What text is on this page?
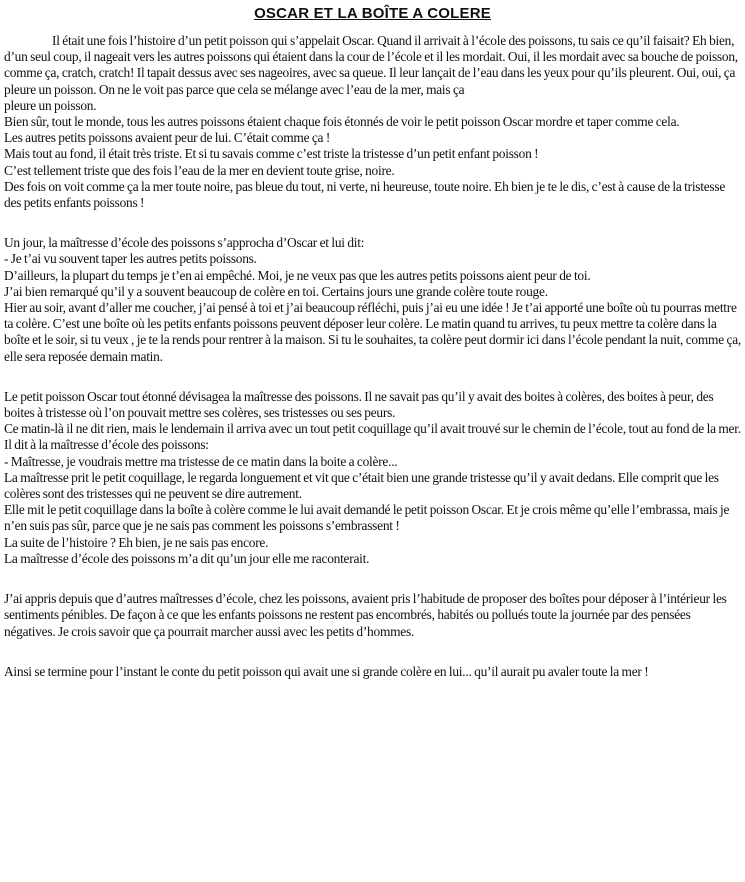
OSCAR ET LA BOÎTE A COLERE

Il était une fois l’histoire d’un petit poisson qui s’appelait Oscar. Quand il arrivait à l’école des poissons, tu sais ce qu’il faisait? Eh bien, d’un seul coup, il nageait vers les autres poissons qui étaient dans la cour de l’école et il les mordait. Oui, il les mordait avec sa bouche de poisson, comme ça, cratch, cratch! Il tapait dessus avec ses nageoires, avec sa queue. Il leur lançait de l’eau dans les yeux pour qu’ils pleurent. Oui, oui, ça pleure un poisson. On ne le voit pas parce que cela se mélange avec l’eau de la mer, mais ça

pleure un poisson.

Bien sûr, tout le monde, tous les autres poissons étaient chaque fois étonnés de voir le petit poisson Oscar mordre et taper comme cela.

Les autres petits poissons avaient peur de lui. C’était comme ça !

Mais tout au fond, il était très triste. Et si tu savais comme c’est triste la tristesse d’un petit enfant poisson !

C’est tellement triste que des fois l’eau de la mer en devient toute grise, noire.

Des fois on voit comme ça la mer toute noire, pas bleue du tout, ni verte, ni heureuse, toute noire. Eh bien je te le dis, c’est à cause de la tristesse des petits enfants poissons !

Un jour, la maîtresse d’école des poissons s’approcha d’Oscar et lui dit:

- Je t’ai vu souvent taper les autres petits poissons.

D’ailleurs, la plupart du temps je t’en ai empêché. Moi, je ne veux pas que les autres petits poissons aient peur de toi.

J’ai bien remarqué qu’il y a souvent beaucoup de colère en toi. Certains jours une grande colère toute rouge.

Hier au soir, avant d’aller me coucher, j’ai pensé à toi et j’ai beaucoup réfléchi, puis j’ai eu une idée ! Je t’ai apporté une boîte où tu pourras mettre ta colère. C’est une boîte où les petits enfants poissons peuvent déposer leur colère. Le matin quand tu arrives, tu peux mettre ta colère dans la boîte et le soir, si tu veux , je te la rends pour rentrer à la maison. Si tu le souhaites, ta colère peut dormir ici dans l’école pendant la nuit, comme ça, elle sera reposée demain matin.

Le petit poisson Oscar tout étonné dévisagea la maîtresse des poissons. Il ne savait pas qu’il y avait des boites à colères, des boites à peur, des boites à tristesse où l’on pouvait mettre ses colères, ses tristesses ou ses peurs.

Ce matin-là il ne dit rien, mais le lendemain il arriva avec un tout petit coquillage qu’il avait trouvé sur le chemin de l’école, tout au fond de la mer.

Il dit à la maîtresse d’école des poissons:

- Maîtresse, je voudrais mettre ma tristesse de ce matin dans la boite a colère...

La maîtresse prit le petit coquillage, le regarda longuement et vit que c’était bien une grande tristesse qu’il y avait dedans. Elle comprit que les colères sont des tristesses qui ne peuvent se dire autrement.

Elle mit le petit coquillage dans la boîte à colère comme le lui avait demandé le petit poisson Oscar. Et je crois même qu’elle l’embrassa, mais je n’en suis pas sûr, parce que je ne sais pas comment les poissons s’embrassent !

La suite de l’histoire ? Eh bien, je ne sais pas encore.

La maîtresse d’école des poissons m’a dit qu’un jour elle me raconterait.

J’ai appris depuis que d’autres maîtresses d’école, chez les poissons, avaient pris l’habitude de proposer des boîtes pour déposer à l’intérieur les sentiments pénibles. De façon à ce que les enfants poissons ne restent pas encombrés, habités ou pollués toute la journée par des pensées négatives. Je crois savoir que ça pourrait marcher aussi avec les petits d’hommes.

Ainsi se termine pour l’instant le conte du petit poisson qui avait une si grande colère en lui... qu’il aurait pu avaler toute la mer !
